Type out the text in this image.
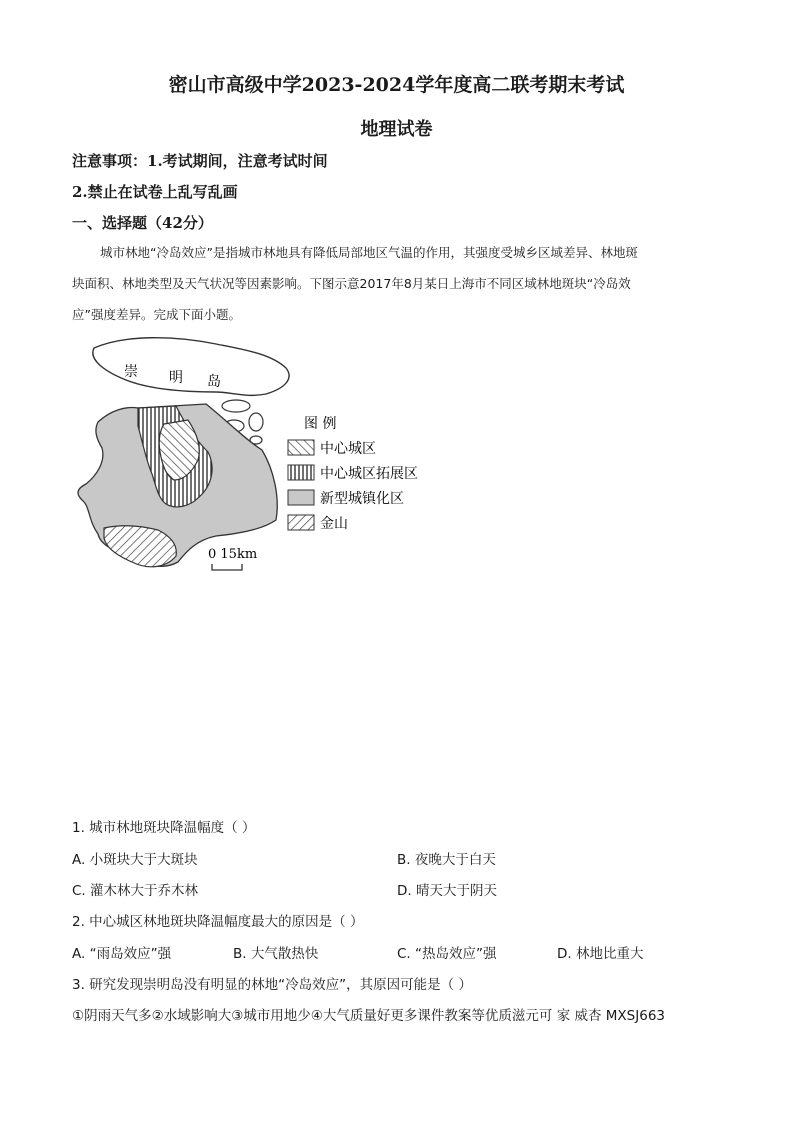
密山市高级中学2023-2024学年度高二联考期末考试
地理试卷
注意事项：1.考试期间，注意考试时间
2.禁止在试卷上乱写乱画
一、选择题（42分）
城市林地“冷岛效应”是指城市林地具有降低局部地区气温的作用，其强度受城乡区域差异、林地斑
块面积、林地类型及天气状况等因素影响。下图示意2017年8月某日上海市不同区域林地斑块“冷岛效
应”强度差异。完成下面小题。
崇 明 岛
图 例
中心城区
中心城区拓展区
新型城镇化区
金山
0 15km
1. 城市林地斑块降温幅度（ ）
A. 小斑块大于大斑块	B. 夜晚大于白天
C. 灌木林大于乔木林	D. 晴天大于阴天
2. 中心城区林地斑块降温幅度最大的原因是（ ）
A. “雨岛效应”强	B. 大气散热快	C. “热岛效应”强	D. 林地比重大
3. 研究发现崇明岛没有明显的林地“冷岛效应”，其原因可能是（ ）
①阴雨天气多②水域影响大③城市用地少④大气质量好更多课件教案等优质滋元可 家 威杏 MXSJ663
